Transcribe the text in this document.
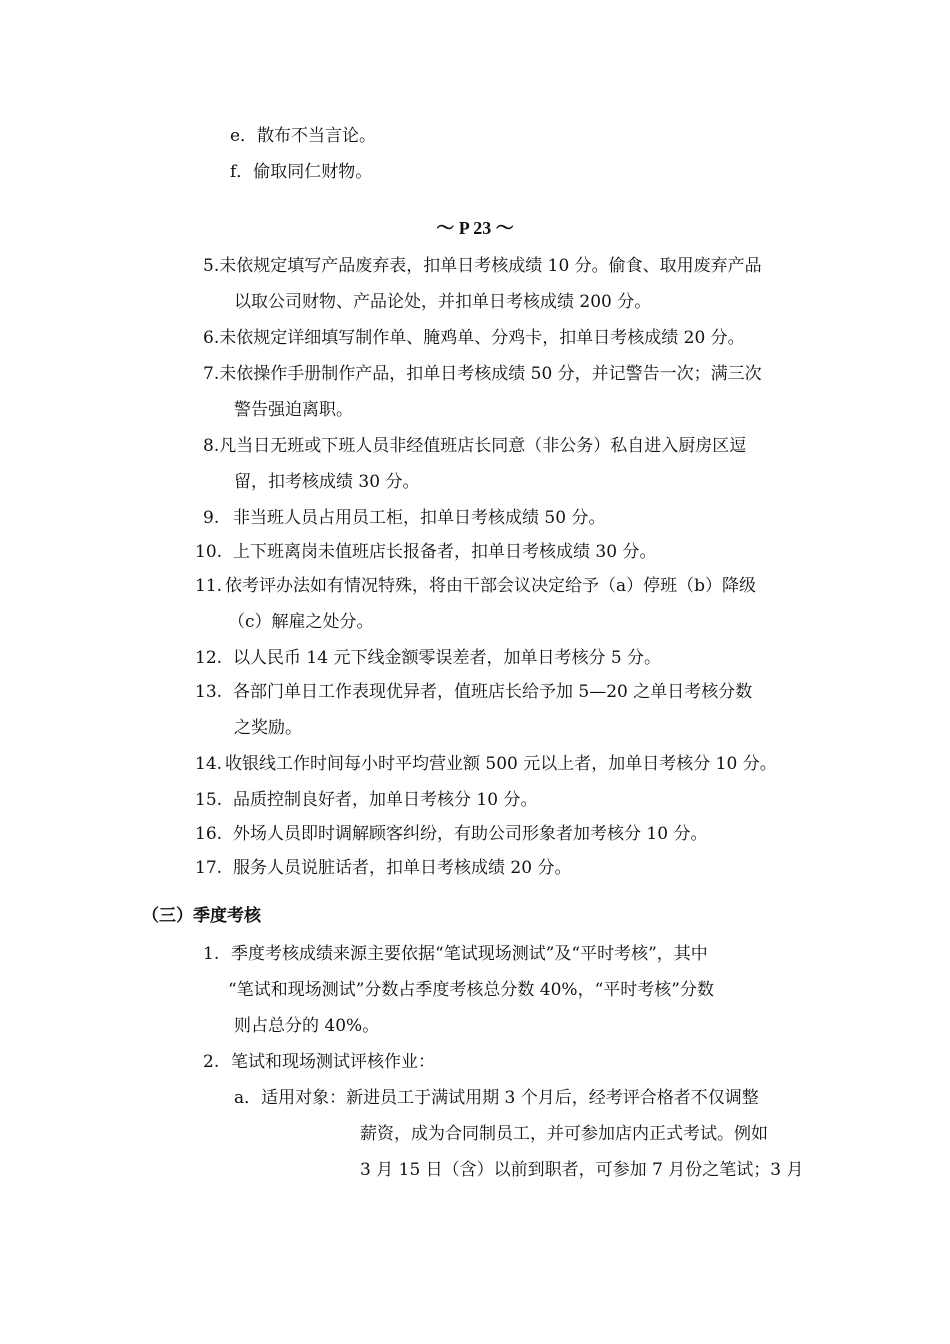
e．散布不当言论。
f．偷取同仁财物。
～ P 23 ～
5.未依规定填写产品废弃表，扣单日考核成绩 10 分。偷食、取用废弃产品
以取公司财物、产品论处，并扣单日考核成绩 200 分。
6.未依规定详细填写制作单、腌鸡单、分鸡卡，扣单日考核成绩 20 分。
7.未依操作手册制作产品，扣单日考核成绩 50 分，并记警告一次；满三次
警告强迫离职。
8.凡当日无班或下班人员非经值班店长同意（非公务）私自进入厨房区逗
留，扣考核成绩 30 分。
9. 非当班人员占用员工柜，扣单日考核成绩 50 分。
10. 上下班离岗未值班店长报备者，扣单日考核成绩 30 分。
11. 依考评办法如有情况特殊，将由干部会议决定给予（a）停班（b）降级
（c）解雇之处分。
12. 以人民币 14 元下线金额零误差者，加单日考核分 5 分。
13. 各部门单日工作表现优异者，值班店长给予加 5—20 之单日考核分数
之奖励。
14. 收银线工作时间每小时平均营业额 500 元以上者，加单日考核分 10 分。
15. 品质控制良好者，加单日考核分 10 分。
16. 外场人员即时调解顾客纠纷，有助公司形象者加考核分 10 分。
17. 服务人员说脏话者，扣单日考核成绩 20 分。
（三）季度考核
1. 季度考核成绩来源主要依据“笔试现场测试”及“平时考核”，其中
“笔试和现场测试”分数占季度考核总分数 40%，“平时考核”分数
则占总分的 40%。
2. 笔试和现场测试评核作业：
a．适用对象：新进员工于满试用期 3 个月后，经考评合格者不仅调整
薪资，成为合同制员工，并可参加店内正式考试。例如
3 月 15 日（含）以前到职者，可参加 7 月份之笔试；3 月
